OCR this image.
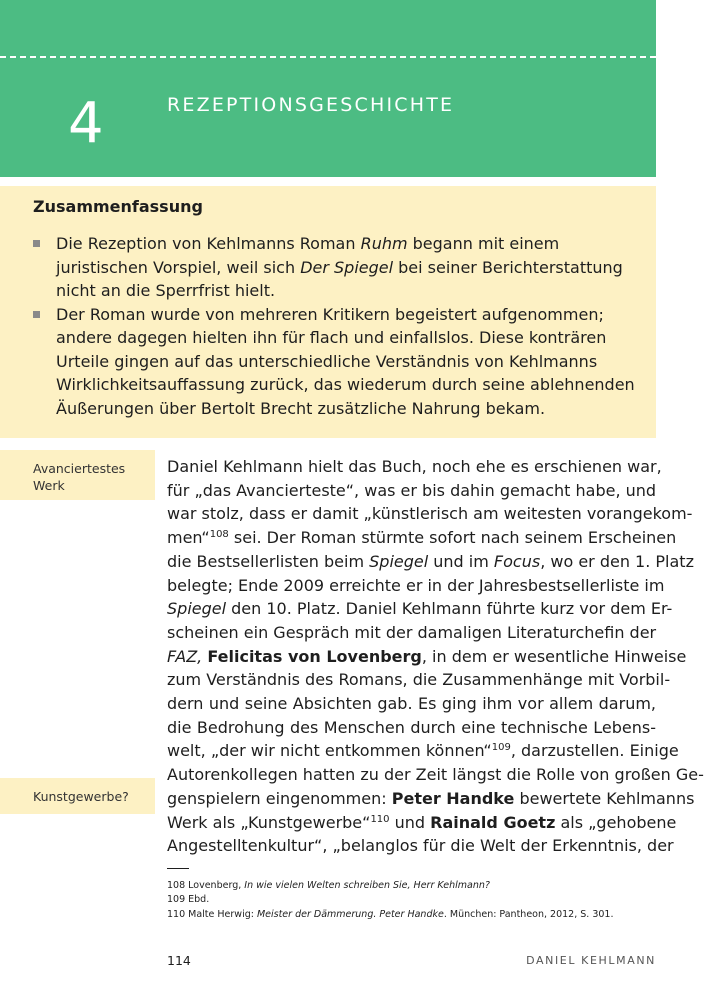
4	REZEPTIONSGESCHICHTE
Zusammenfassung
Die Rezeption von Kehlmanns Roman Ruhm begann mit einem juristischen Vorspiel, weil sich Der Spiegel bei seiner Berichterstattung nicht an die Sperrfrist hielt.
Der Roman wurde von mehreren Kritikern begeistert aufgenommen; andere dagegen hielten ihn für flach und einfallslos. Diese konträren Urteile gingen auf das unterschiedliche Verständnis von Kehlmanns Wirklichkeitsauffassung zurück, das wiederum durch seine ablehnenden Äußerungen über Bertolt Brecht zusätzliche Nahrung bekam.
Avanciertestes Werk
Kunstgewerbe?
Daniel Kehlmann hielt das Buch, noch ehe es erschienen war,
für „das Avancierteste“, was er bis dahin gemacht habe, und
war stolz, dass er damit „künstlerisch am weitesten vorangekom-
men“$^{108}$ sei. Der Roman stürmte sofort nach seinem Erscheinen
die Bestsellerlisten beim Spiegel und im Focus, wo er den 1. Platz
belegte; Ende 2009 erreichte er in der Jahresbestsellerliste im
Spiegel den 10. Platz. Daniel Kehlmann führte kurz vor dem Er-
scheinen ein Gespräch mit der damaligen Literaturchefin der
FAZ, Felicitas von Lovenberg, in dem er wesentliche Hinweise
zum Verständnis des Romans, die Zusammenhänge mit Vorbil-
dern und seine Absichten gab. Es ging ihm vor allem darum,
die Bedrohung des Menschen durch eine technische Lebens-
welt, „der wir nicht entkommen können“$^{109}$, darzustellen. Einige
Autorenkollegen hatten zu der Zeit längst die Rolle von großen Ge-
genspielern eingenommen: Peter Handke bewertete Kehlmanns
Werk als „Kunstgewerbe“$^{110}$ und Rainald Goetz als „gehobene
Angestelltenkultur“, „belanglos für die Welt der Erkenntnis, der
108 Lovenberg, In wie vielen Welten schreiben Sie, Herr Kehlmann?
109 Ebd.
110 Malte Herwig: Meister der Dämmerung. Peter Handke. München: Pantheon, 2012, S. 301.
114	DANIEL KEHLMANN
